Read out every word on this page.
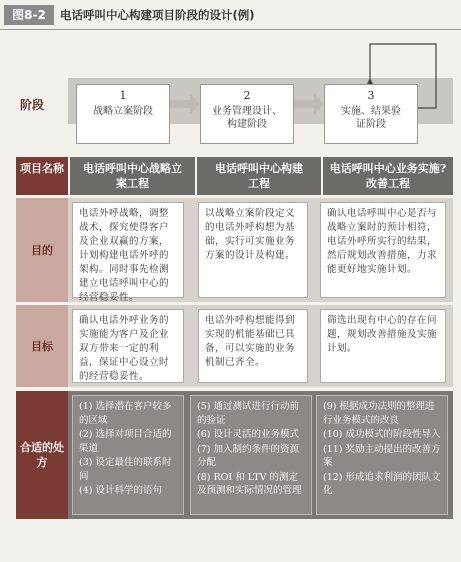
图8-2	电话呼叫中心构建项目阶段的设计(例)
阶段
1
战略立案阶段
2
业务管理设计、构建阶段
3
实施、结果验证阶段
项目名称	电话呼叫中心战略立案工程
电话呼叫中心构建工程
电话呼叫中心业务实施?改善工程
目的
电话外呼战略，调整战术，探究使得客户及企业双赢的方案，计划构建电话外呼的架构。同时事先检测建立电话呼叫中心的经营稳妥性。
以战略立案阶段定义的电话外呼构想为基础，实行可实施业务方案的设计及构建。
确认电话呼叫中心是否与战略立案时的预计相符，电话外呼所实行的结果，然后规划改善措施，力求能更好地实施计划。
目标
确认电话外呼业务的实施能为客户及企业双方带来一定的利益，保证中心设立时的经营稳妥性。
电话外呼构想能得到实现的机能基础已具备，可以实施的业务机制已齐全。
筛选出现有中心的存在问题，规划改善措施及实施计划。
合适的处方
(1) 选择潜在客户较多的区域
(2) 选择对项目合适的渠道
(3) 设定最佳的联系时间
(4) 设计科学的语句
(5) 通过测试进行行动前的验证
(6) 设计灵活的业务模式
(7) 加入制约条件的资源分配
(8) ROI 和 LTV 的测定及预测和实际情况的管理
(9) 根据成功法则的整理进行业务模式的改良
(10) 成功模式的阶段性导入
(11) 奖励主动提出的改善方案
(12) 形成追求利润的团队文化
